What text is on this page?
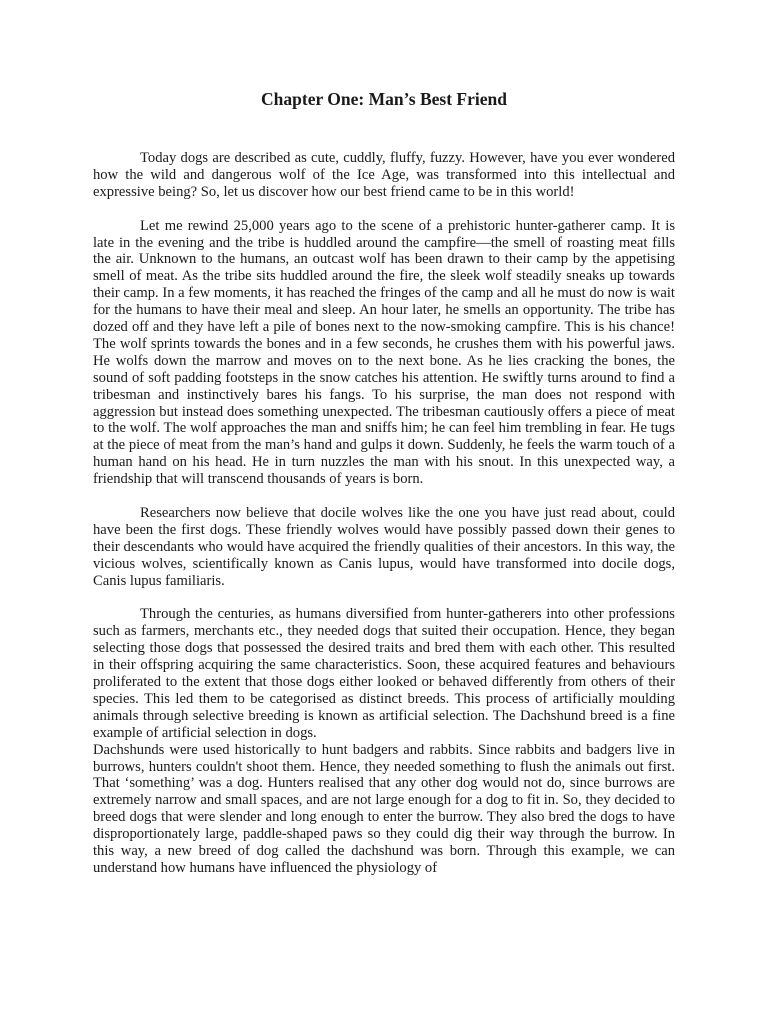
Chapter One: Man’s Best Friend

Today dogs are described as cute, cuddly, fluffy, fuzzy. However, have you ever wondered how the wild and dangerous wolf of the Ice Age, was transformed into this intellectual and expressive being? So, let us discover how our best friend came to be in this world!

Let me rewind 25,000 years ago to the scene of a prehistoric hunter-gatherer camp. It is late in the evening and the tribe is huddled around the campfire—the smell of roasting meat fills the air. Unknown to the humans, an outcast wolf has been drawn to their camp by the appetising smell of meat. As the tribe sits huddled around the fire, the sleek wolf steadily sneaks up towards their camp. In a few moments, it has reached the fringes of the camp and all he must do now is wait for the humans to have their meal and sleep. An hour later, he smells an opportunity. The tribe has dozed off and they have left a pile of bones next to the now-smoking campfire. This is his chance! The wolf sprints towards the bones and in a few seconds, he crushes them with his powerful jaws. He wolfs down the marrow and moves on to the next bone. As he lies cracking the bones, the sound of soft padding footsteps in the snow catches his attention. He swiftly turns around to find a tribesman and instinctively bares his fangs. To his surprise, the man does not respond with aggression but instead does something unexpected. The tribesman cautiously offers a piece of meat to the wolf. The wolf approaches the man and sniffs him; he can feel him trembling in fear. He tugs at the piece of meat from the man’s hand and gulps it down. Suddenly, he feels the warm touch of a human hand on his head. He in turn nuzzles the man with his snout. In this unexpected way, a friendship that will transcend thousands of years is born.

Researchers now believe that docile wolves like the one you have just read about, could have been the first dogs. These friendly wolves would have possibly passed down their genes to their descendants who would have acquired the friendly qualities of their ancestors. In this way, the vicious wolves, scientifically known as Canis lupus, would have transformed into docile dogs, Canis lupus familiaris.

Through the centuries, as humans diversified from hunter-gatherers into other professions such as farmers, merchants etc., they needed dogs that suited their occupation. Hence, they began selecting those dogs that possessed the desired traits and bred them with each other. This resulted in their offspring acquiring the same characteristics. Soon, these acquired features and behaviours proliferated to the extent that those dogs either looked or behaved differently from others of their species. This led them to be categorised as distinct breeds. This process of artificially moulding animals through selective breeding is known as artificial selection. The Dachshund breed is a fine example of artificial selection in dogs.

Dachshunds were used historically to hunt badgers and rabbits. Since rabbits and badgers live in burrows, hunters couldn't shoot them. Hence, they needed something to flush the animals out first. That ‘something’ was a dog. Hunters realised that any other dog would not do, since burrows are extremely narrow and small spaces, and are not large enough for a dog to fit in. So, they decided to breed dogs that were slender and long enough to enter the burrow. They also bred the dogs to have disproportionately large, paddle-shaped paws so they could dig their way through the burrow. In this way, a new breed of dog called the dachshund was born. Through this example, we can understand how humans have influenced the physiology of
